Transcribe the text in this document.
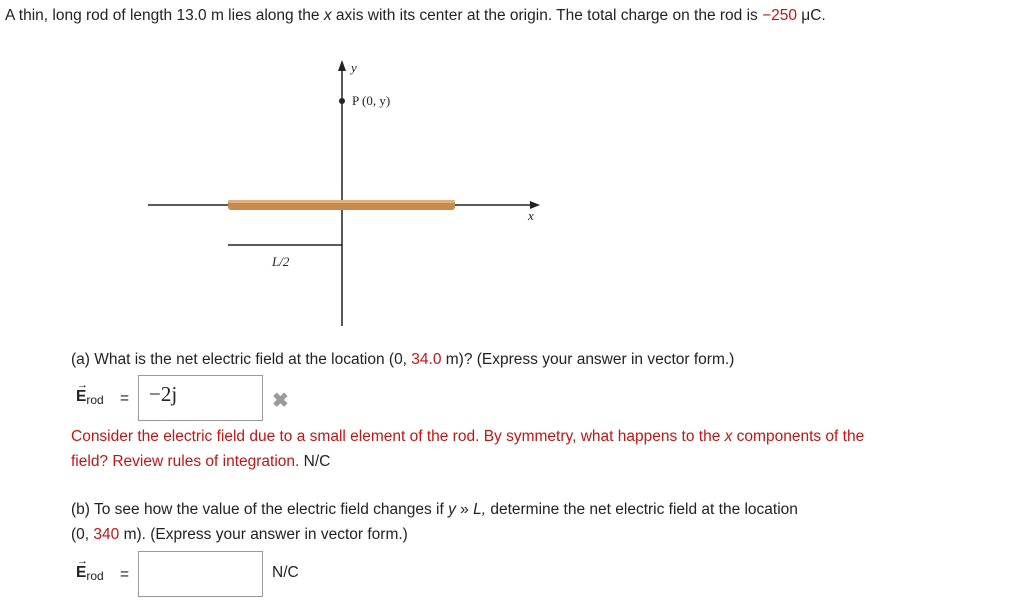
A thin, long rod of length 13.0 m lies along the x axis with its center at the origin. The total charge on the rod is −250 μC.
y
P (0, y)
x
L/2
(a) What is the net electric field at the location (0, 34.0 m)? (Express your answer in vector form.)
→
Erod = −2j	✖
Consider the electric field due to a small element of the rod. By symmetry, what happens to the x components of the
field? Review rules of integration. N/C
(b) To see how the value of the electric field changes if y » L, determine the net electric field at the location
(0, 340 m). (Express your answer in vector form.)
→
Erod =	N/C
